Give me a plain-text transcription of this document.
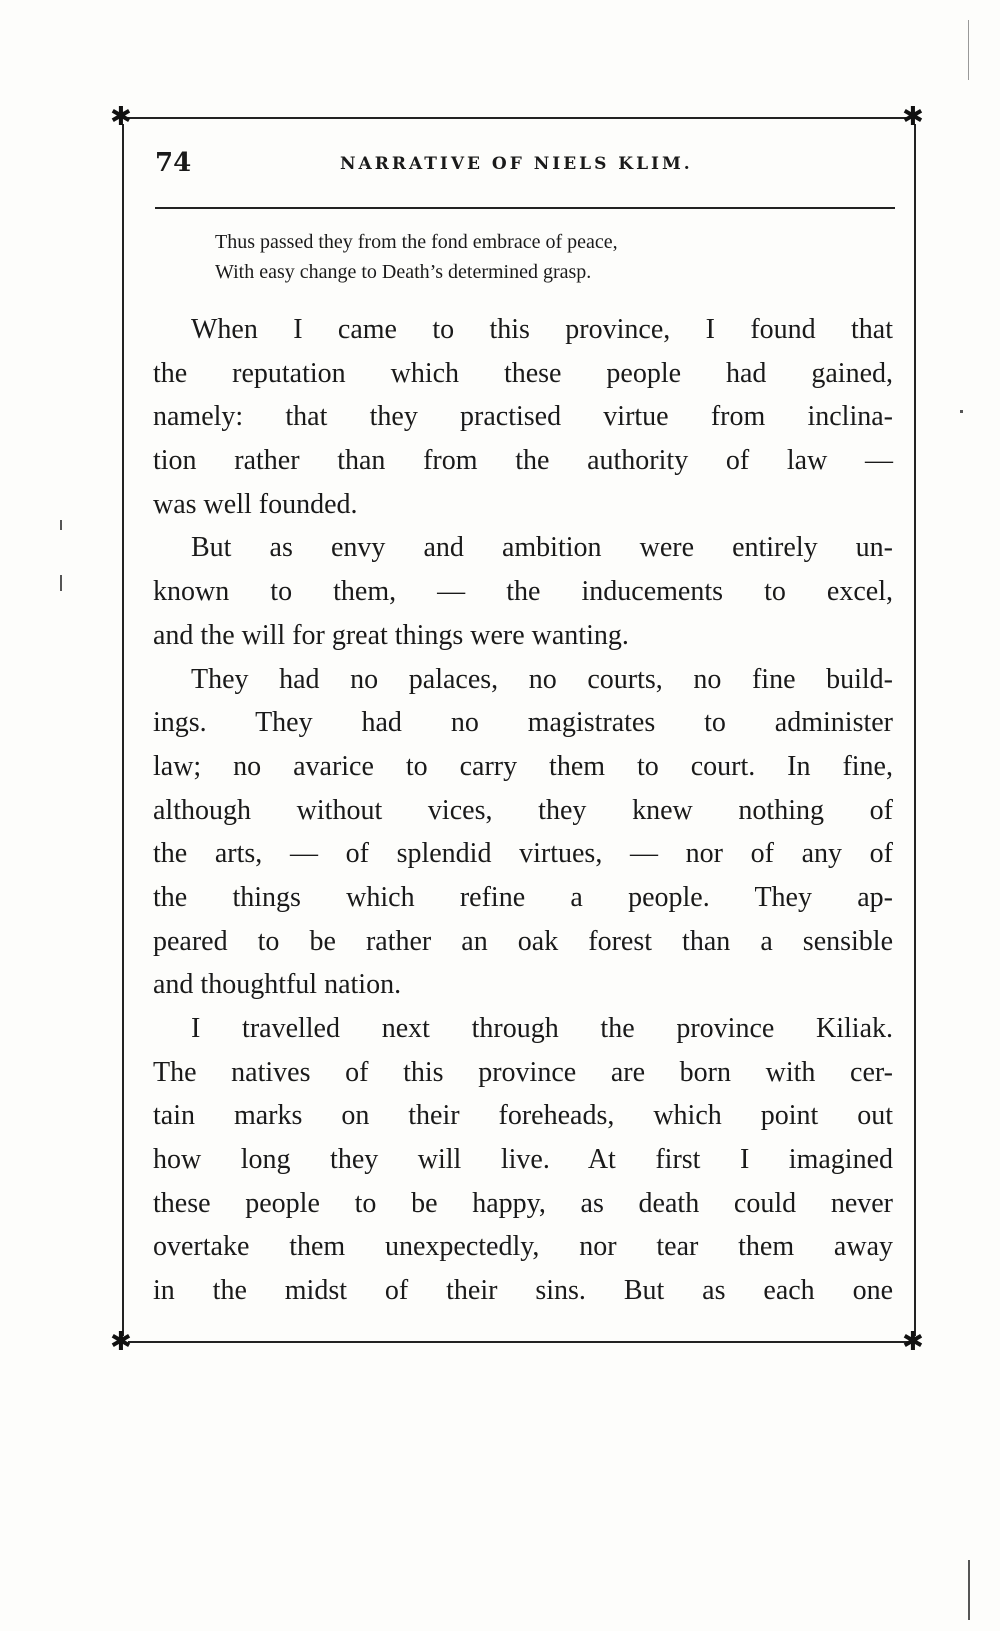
✱	✱
✱	✱
74	NARRATIVE OF NIELS KLIM.
Thus passed they from the fond embrace of peace,
With easy change to Death’s determined grasp.
When I came to this province, I found that
the reputation which these people had gained,
namely: that they practised virtue from inclina-
tion rather than from the authority of law —
was well founded.
But as envy and ambition were entirely un-
known to them, — the inducements to excel,
and the will for great things were wanting.
They had no palaces, no courts, no fine build-
ings. They had no magistrates to administer
law; no avarice to carry them to court. In fine,
although without vices, they knew nothing of
the arts, — of splendid virtues, — nor of any of
the things which refine a people. They ap-
peared to be rather an oak forest than a sensible
and thoughtful nation.
I travelled next through the province Kiliak.
The natives of this province are born with cer-
tain marks on their foreheads, which point out
how long they will live. At first I imagined
these people to be happy, as death could never
overtake them unexpectedly, nor tear them away
in the midst of their sins. But as each one
